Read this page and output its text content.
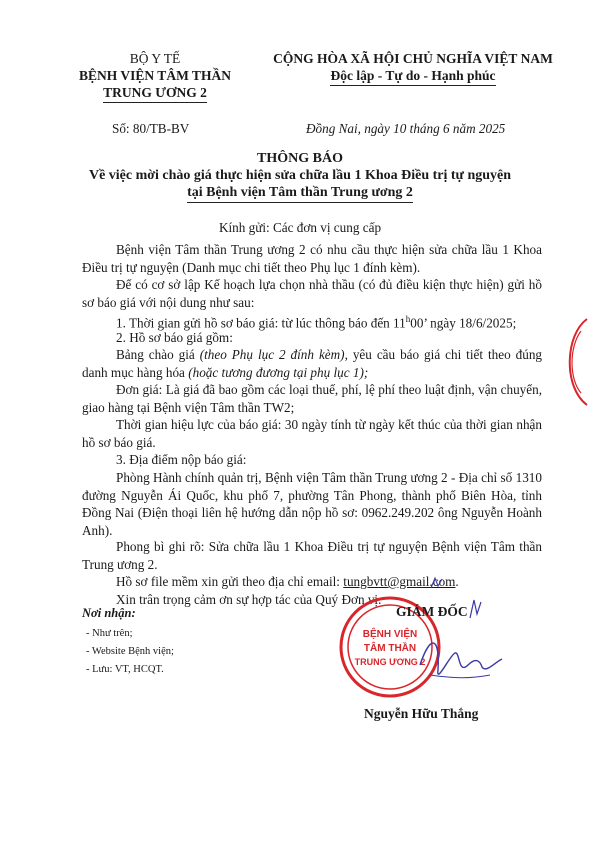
BỘ Y TẾ
BỆNH VIỆN TÂM THẦN
TRUNG ƯƠNG 2
CỘNG HÒA XÃ HỘI CHỦ NGHĨA VIỆT NAM
Độc lập - Tự do - Hạnh phúc
Số: 80/TB-BV	Đồng Nai, ngày 10 tháng 6 năm 2025
THÔNG BÁO
Về việc mời chào giá thực hiện sửa chữa lầu 1 Khoa Điều trị tự nguyện
tại Bệnh viện Tâm thần Trung ương 2
Kính gửi: Các đơn vị cung cấp
Bệnh viện Tâm thần Trung ương 2 có nhu cầu thực hiện sửa chữa lầu 1 Khoa Điều trị tự nguyện (Danh mục chi tiết theo Phụ lục 1 đính kèm).
Để có cơ sở lập Kế hoạch lựa chọn nhà thầu (có đủ điều kiện thực hiện) gửi hồ sơ báo giá với nội dung như sau:
1. Thời gian gửi hồ sơ báo giá: từ lúc thông báo đến 11$^h$00’ ngày 18/6/2025;
2. Hồ sơ báo giá gồm:
Bảng chào giá (theo Phụ lục 2 đính kèm), yêu cầu báo giá chi tiết theo đúng danh mục hàng hóa (hoặc tương đương tại phụ lục 1);
Đơn giá: Là giá đã bao gồm các loại thuế, phí, lệ phí theo luật định, vận chuyển, giao hàng tại Bệnh viện Tâm thần TW2;
Thời gian hiệu lực của báo giá: 30 ngày tính từ ngày kết thúc của thời gian nhận hồ sơ báo giá.
3. Địa điểm nộp báo giá:
Phòng Hành chính quản trị, Bệnh viện Tâm thần Trung ương 2 - Địa chỉ số 1310 đường Nguyễn Ái Quốc, khu phố 7, phường Tân Phong, thành phố Biên Hòa, tỉnh Đồng Nai (Điện thoại liên hệ hướng dẫn nộp hồ sơ: 0962.249.202 ông Nguyễn Hoành Anh).
Phong bì ghi rõ: Sửa chữa lầu 1 Khoa Điều trị tự nguyện Bệnh viện Tâm thần Trung ương 2.
Hồ sơ file mềm xin gửi theo địa chỉ email: tungbvtt@gmail.com.
Xin trân trọng cảm ơn sự hợp tác của Quý Đơn vị.
Nơi nhận:
- Như trên;
- Website Bệnh viện;
- Lưu: VT, HCQT.
BỆNH VIỆN
TÂM THẦN
TRUNG ƯƠNG 2
GIÁM ĐỐC
Nguyễn Hữu Thắng
